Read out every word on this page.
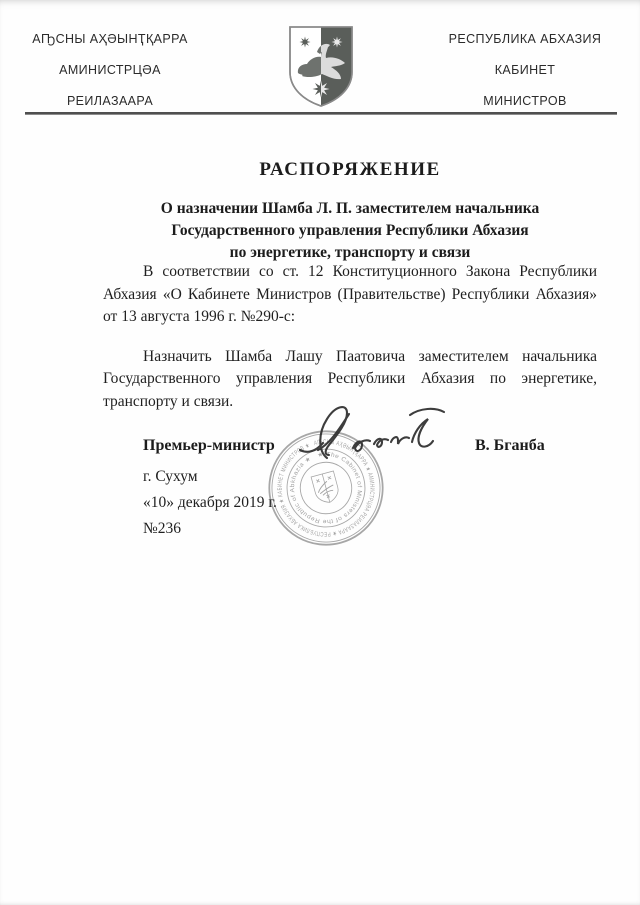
АҦСНЫ АҲӘЫНҬҚАРРА
АМИНИСТРЦӘА
РЕИЛАЗААРА
РЕСПУБЛИКА АБХАЗИЯ
КАБИНЕТ
МИНИСТРОВ
РАСПОРЯЖЕНИЕ
О назначении Шамба Л. П. заместителем начальника
Государственного управления Республики Абхазия
по энергетике, транспорту и связи
В соответствии со ст. 12 Конституционного Закона Республики
Абхазия «О Кабинете Министров (Правительстве) Республики Абхазия»
от 13 августа 1996 г. №290-с:
Назначить Шамба Лашу Паатовича заместителем начальника
Государственного управления Республики Абхазия по энергетике,
транспорту и связи.
Премьер-министр	АҦСНЫ АҲӘЫНҬҚАРРА ★ АМИНИСТРЦӘА РЕИЛАЗААРА ★ РЕСПУБЛИКА АБХАЗИЯ ★ КАБИНЕТ МИНИСТРОВ ★
★ The Cabinet of Ministers of the Republic of Abkhazia ★
В. Бганба
г. Сухум
«10» декабря 2019 г.
№236
